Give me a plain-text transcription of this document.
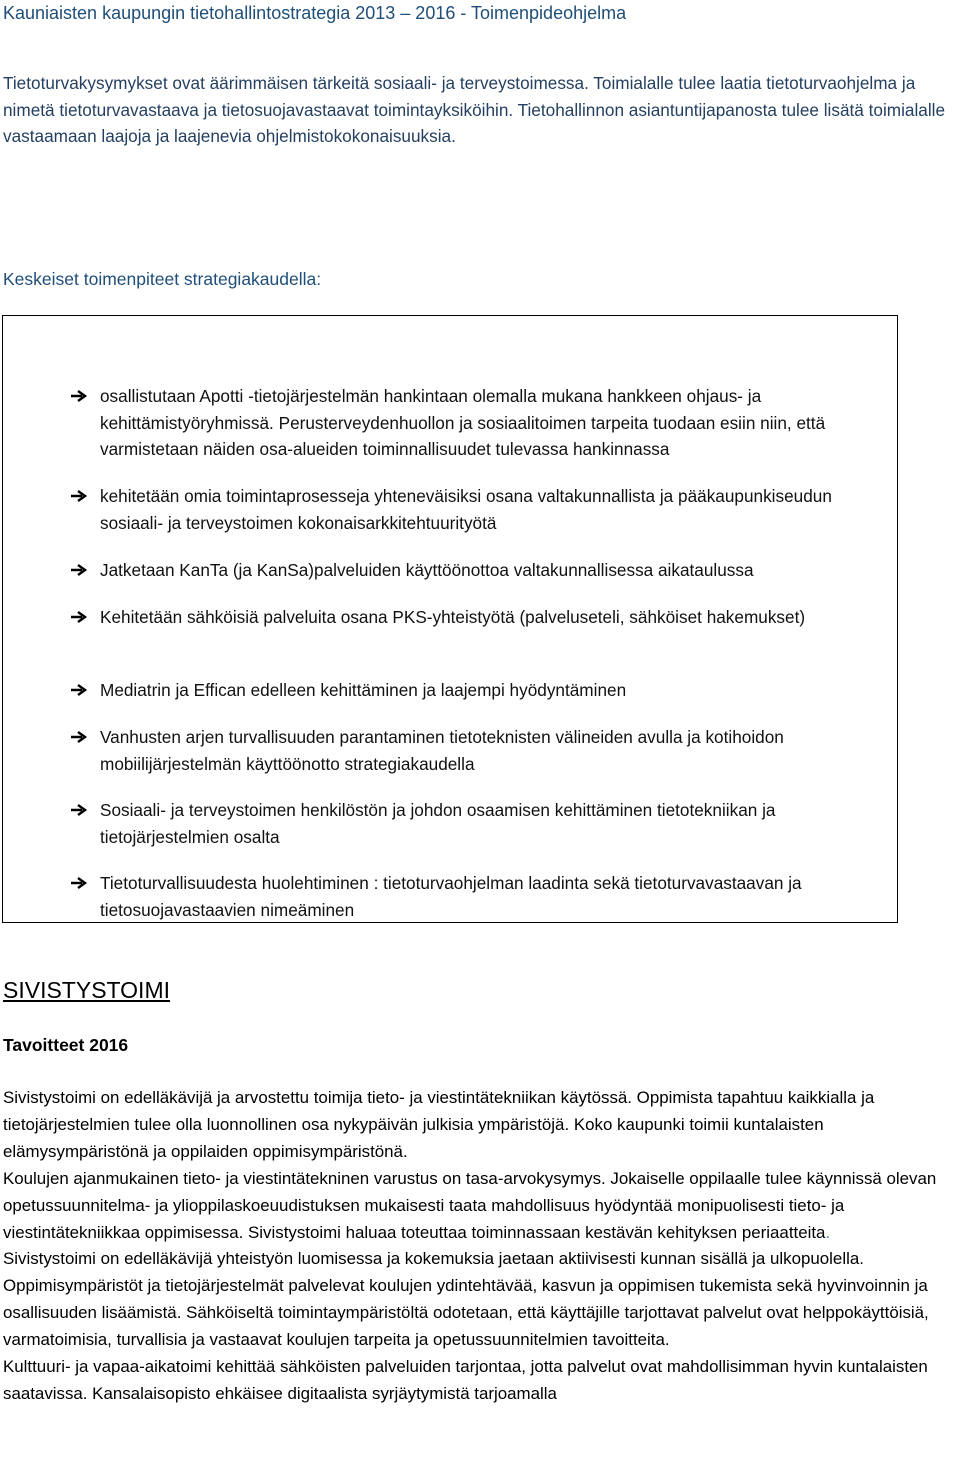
Kauniaisten kaupungin tietohallintostrategia 2013 – 2016 - Toimenpideohjelma

Tietoturvakysymykset ovat äärimmäisen tärkeitä sosiaali- ja terveystoimessa. Toimialalle tulee laatia tietoturvaohjelma ja nimetä tietoturvavastaava ja tietosuojavastaavat toimintayksiköihin. Tietohallinnon asiantuntijapanosta tulee lisätä toimialalle vastaamaan laajoja ja laajenevia ohjelmistokokonaisuuksia.

Keskeiset toimenpiteet strategiakaudella:

osallistutaan Apotti -tietojärjestelmän hankintaan olemalla mukana hankkeen ohjaus- ja kehittämistyöryhmissä. Perusterveydenhuollon ja sosiaalitoimen tarpeita tuodaan esiin niin, että varmistetaan näiden osa-alueiden toiminnallisuudet tulevassa hankinnassa

kehitetään omia toimintaprosesseja yhteneväisiksi osana valtakunnallista ja pääkaupunkiseudun sosiaali- ja terveystoimen kokonaisarkkitehtuurityötä

Jatketaan KanTa (ja KanSa)palveluiden käyttöönottoa valtakunnallisessa aikataulussa

Kehitetään sähköisiä palveluita osana PKS-yhteistyötä (palveluseteli, sähköiset hakemukset)

Mediatrin ja Effican edelleen kehittäminen ja laajempi hyödyntäminen

Vanhusten arjen turvallisuuden parantaminen tietoteknisten välineiden avulla ja kotihoidon mobiilijärjestelmän käyttöönotto strategiakaudella

Sosiaali- ja terveystoimen henkilöstön ja johdon osaamisen kehittäminen tietotekniikan ja tietojärjestelmien osalta

Tietoturvallisuudesta huolehtiminen : tietoturvaohjelman laadinta sekä tietoturvavastaavan ja tietosuojavastaavien nimeäminen

SIVISTYSTOIMI
Tavoitteet 2016
Sivistystoimi on edelläkävijä ja arvostettu toimija tieto- ja viestintätekniikan käytössä. Oppimista tapahtuu kaikkialla ja tietojärjestelmien tulee olla luonnollinen osa nykypäivän julkisia ympäristöjä. Koko kaupunki toimii kuntalaisten elämysympäristönä ja oppilaiden oppimisympäristönä.
Koulujen ajanmukainen tieto- ja viestintätekninen varustus on tasa-arvokysymys. Jokaiselle oppilaalle tulee käynnissä olevan opetussuunnitelma- ja ylioppilaskoeuudistuksen mukaisesti taata mahdollisuus hyödyntää monipuolisesti tieto- ja viestintätekniikkaa oppimisessa. Sivistystoimi haluaa toteuttaa toiminnassaan kestävän kehityksen periaatteita.
Sivistystoimi on edelläkävijä yhteistyön luomisessa ja kokemuksia jaetaan aktiivisesti kunnan sisällä ja ulkopuolella. Oppimisympäristöt ja tietojärjestelmät palvelevat koulujen ydintehtävää, kasvun ja oppimisen tukemista sekä hyvinvoinnin ja osallisuuden lisäämistä. Sähköiseltä toimintaympäristöltä odotetaan, että käyttäjille tarjottavat palvelut ovat helppokäyttöisiä, varmatoimisia, turvallisia ja vastaavat koulujen tarpeita ja opetussuunnitelmien tavoitteita.
Kulttuuri- ja vapaa-aikatoimi kehittää sähköisten palveluiden tarjontaa, jotta palvelut ovat mahdollisimman hyvin kuntalaisten saatavissa. Kansalaisopisto ehkäisee digitaalista syrjäytymistä tarjoamalla
